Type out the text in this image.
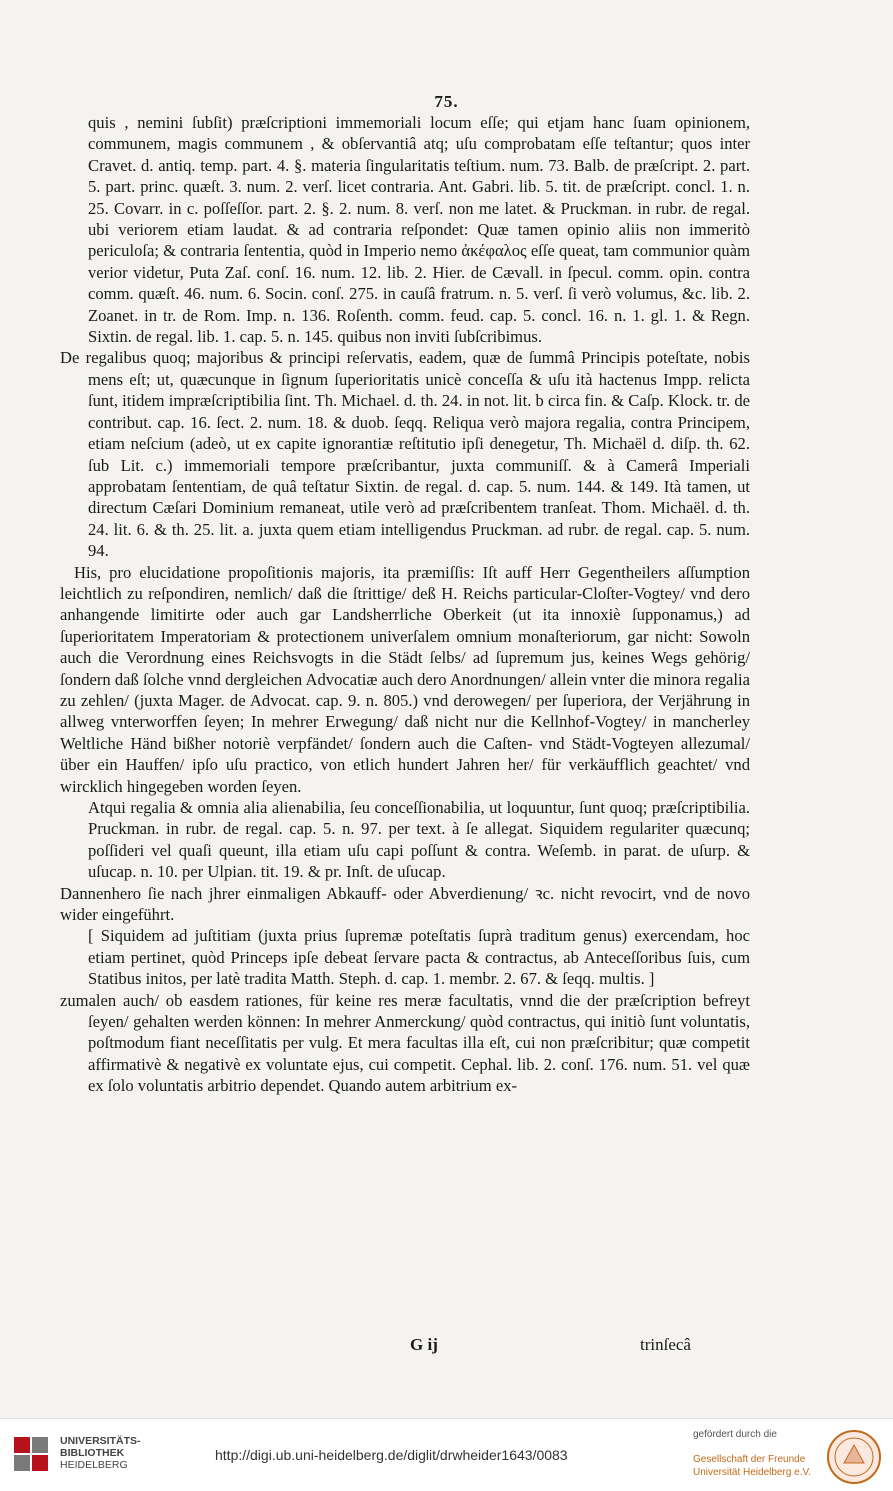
75.

quis , nemini ſubſit) præſcriptioni immemoriali locum eſſe; qui etjam hanc ſuam opinionem, communem, magis communem , & obſervantiâ atq; uſu comprobatam eſſe teſtantur; quos inter Cravet. d. antiq. temp. part. 4. §. materia ſingularitatis teſtium. num. 73. Balb. de præſcript. 2. part. 5. part. princ. quæſt. 3. num. 2. verſ. licet contraria. Ant. Gabri. lib. 5. tit. de præſcript. concl. 1. n. 25. Covarr. in c. poſſeſſor. part. 2. §. 2. num. 8. verſ. non me latet. & Pruckman. in rubr. de regal. ubi veriorem etiam laudat. & ad contraria reſpondet: Quæ tamen opinio aliis non immeritò periculoſa; & contraria ſententia, quòd in Imperio nemo ἀκέφαλος eſſe queat, tam communior quàm verior videtur, Puta Zaſ. conſ. 16. num. 12. lib. 2. Hier. de Cævall. in ſpecul. comm. opin. contra comm. quæſt. 46. num. 6. Socin. conſ. 275. in cauſâ fratrum. n. 5. verſ. ſi verò volumus, &c. lib. 2. Zoanet. in tr. de Rom. Imp. n. 136. Roſenth. comm. feud. cap. 5. concl. 16. n. 1. gl. 1. & Regn. Sixtin. de regal. lib. 1. cap. 5. n. 145. quibus non inviti ſubſcribimus.

De regalibus quoq; majoribus & principi reſervatis, eadem, quæ de ſummâ Principis poteſtate, nobis mens eſt; ut, quæcunque in ſignum ſuperioritatis unicè conceſſa & uſu ità hactenus Impp. relicta ſunt, itidem impræſcriptibilia ſint. Th. Michael. d. th. 24. in not. lit. b circa fin. & Caſp. Klock. tr. de contribut. cap. 16. ſect. 2. num. 18. & duob. ſeqq. Reliqua verò majora regalia, contra Principem, etiam neſcium (adeò, ut ex capite ignorantiæ reſtitutio ipſi denegetur, Th. Michaël d. diſp. th. 62. ſub Lit. c.) immemoriali tempore præſcribantur, juxta communiſſ. & à Camerâ Imperiali approbatam ſententiam, de quâ teſtatur Sixtin. de regal. d. cap. 5. num. 144. & 149. Ità tamen, ut directum Cæſari Dominium remaneat, utile verò ad præſcribentem tranſeat. Thom. Michaël. d. th. 24. lit. 6. & th. 25. lit. a. juxta quem etiam intelligendus Pruckman. ad rubr. de regal. cap. 5. num. 94.

His, pro elucidatione propoſitionis majoris, ita præmiſſis: Iſt auff Herr Gegentheilers aſſumption leichtlich zu reſpondiren, nemlich/ daß die ſtrittige/ deß H. Reichs particular-Cloſter-Vogtey/ vnd dero anhangende limitirte oder auch gar Landsherrliche Oberkeit (ut ita innoxiè ſupponamus,) ad ſuperioritatem Imperatoriam & protectionem univerſalem omnium monaſteriorum, gar nicht: Sowoln auch die Verordnung eines Reichsvogts in die Städt ſelbs/ ad ſupremum jus, keines Wegs gehörig/ ſondern daß ſolche vnnd dergleichen Advocatiæ auch dero Anordnungen/ allein vnter die minora regalia zu zehlen/ (juxta Mager. de Advocat. cap. 9. n. 805.) vnd derowegen/ per ſuperiora, der Verjährung in allweg vnterworffen ſeyen; In mehrer Erwegung/ daß nicht nur die Kellnhof-Vogtey/ in mancherley Weltliche Händ bißher notoriè verpfändet/ ſondern auch die Caſten- vnd Städt-Vogteyen allezumal/ über ein Hauffen/ ipſo uſu practico, von etlich hundert Jahren her/ für verkäufflich geachtet/ vnd wircklich hingegeben worden ſeyen.

Atqui regalia & omnia alia alienabilia, ſeu conceſſionabilia, ut loquuntur, ſunt quoq; præſcriptibilia. Pruckman. in rubr. de regal. cap. 5. n. 97. per text. à ſe allegat. Siquidem regulariter quæcunq; poſſideri vel quaſi queunt, illa etiam uſu capi poſſunt & contra. Weſemb. in parat. de uſurp. & uſucap. n. 10. per Ulpian. tit. 19. & pr. Inſt. de uſucap.

Dannenhero ſie nach jhrer einmaligen Abkauff- oder Abverdienung/ ꝛc. nicht revocirt, vnd de novo wider eingeführt.

[ Siquidem ad juſtitiam (juxta prius ſupremæ poteſtatis ſuprà traditum genus) exercendam, hoc etiam pertinet, quòd Princeps ipſe debeat ſervare pacta & contractus, ab Anteceſſoribus ſuis, cum Statibus initos, per latè tradita Matth. Steph. d. cap. 1. membr. 2. 67. & ſeqq. multis. ]

zumalen auch/ ob easdem rationes, für keine res meræ facultatis, vnnd die der præſcription befreyt ſeyen/ gehalten werden können: In mehrer Anmerckung/ quòd contractus, qui initiò ſunt voluntatis, poſtmodum fiant neceſſitatis per vulg. Et mera facultas illa eſt, cui non præſcribitur; quæ competit affirmativè & negativè ex voluntate ejus, cui competit. Cephal. lib. 2. conſ. 176. num. 51. vel quæ ex ſolo voluntatis arbitrio dependet. Quando autem arbitrium ex-

G ij	trinſecâ
UNIVERSITÄTS-
BIBLIOTHEK
HEIDELBERG
http://digi.ub.uni-heidelberg.de/diglit/drwheider1643/0083
gefördert durch die
Gesellschaft der Freunde
Universität Heidelberg e.V.
